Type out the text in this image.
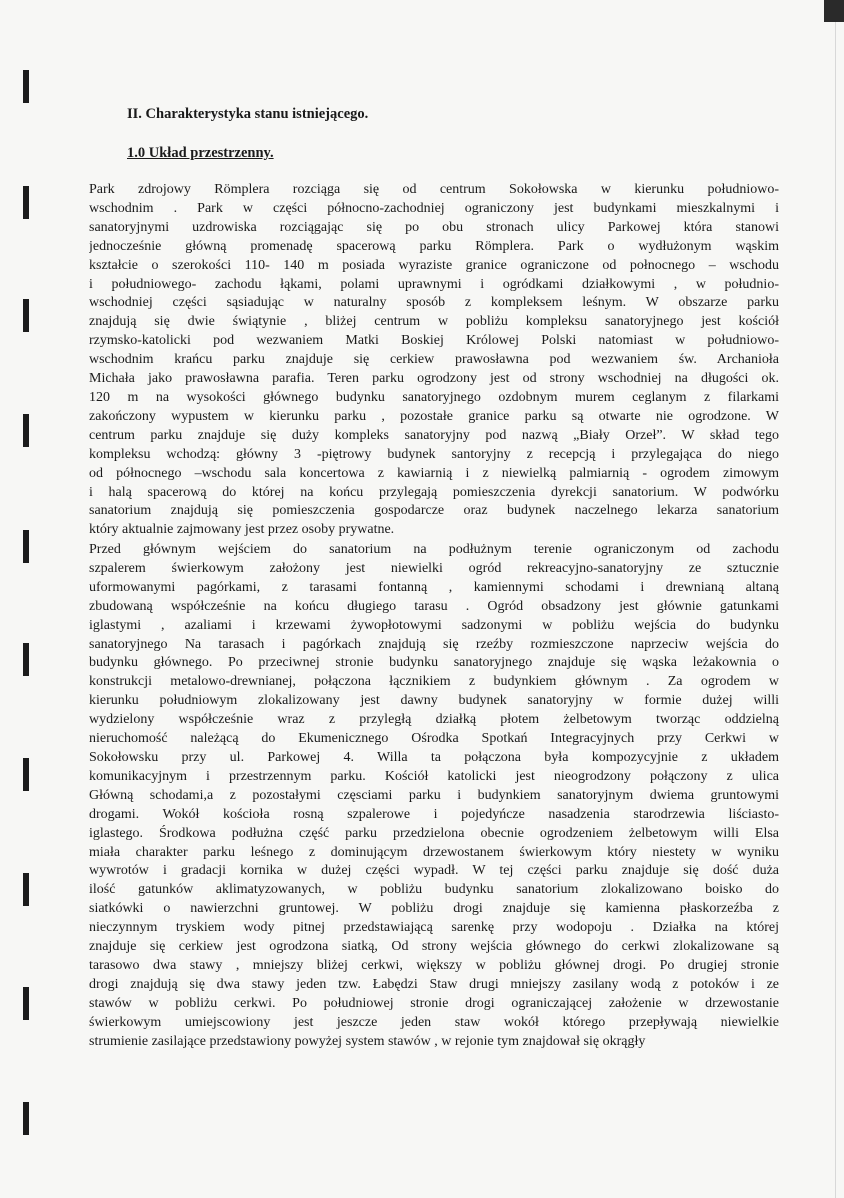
II. Charakterystyka stanu istniejącego.
1.0 Układ przestrzenny.
Park zdrojowy Römplera rozciąga się od centrum Sokołowska w kierunku południowo-
wschodnim . Park w części północno-zachodniej ograniczony jest budynkami mieszkalnymi i
sanatoryjnymi uzdrowiska rozciągając się po obu stronach ulicy Parkowej która stanowi
jednocześnie główną promenadę spacerową parku Römplera. Park o wydłużonym wąskim
kształcie o szerokości 110- 140 m posiada wyraziste granice ograniczone od połnocnego – wschodu
i południowego- zachodu łąkami, polami uprawnymi i ogródkami działkowymi , w południo-
wschodniej części sąsiadując w naturalny sposób z kompleksem leśnym. W obszarze parku
znajdują się dwie świątynie , bliżej centrum w pobliżu kompleksu sanatoryjnego jest kościół
rzymsko-katolicki pod wezwaniem Matki Boskiej Królowej Polski natomiast w południowo-
wschodnim krańcu parku znajduje się cerkiew prawosławna pod wezwaniem św. Archanioła
Michała jako prawosławna parafia. Teren parku ogrodzony jest od strony wschodniej na długości ok.
120 m na wysokości głównego budynku sanatoryjnego ozdobnym murem ceglanym z filarkami
zakończony wypustem w kierunku parku , pozostałe granice parku są otwarte nie ogrodzone. W
centrum parku znajduje się duży kompleks sanatoryjny pod nazwą „Biały Orzeł”. W skład tego
kompleksu wchodzą: główny 3 -piętrowy budynek santoryjny z recepcją i przylegająca do niego
od północnego –wschodu sala koncertowa z kawiarnią i z niewielką palmiarnią - ogrodem zimowym
i halą spacerową do której na końcu przylegają pomieszczenia dyrekcji sanatorium. W podwórku
sanatorium znajdują się pomieszczenia gospodarcze oraz budynek naczelnego lekarza sanatorium
który aktualnie zajmowany jest przez osoby prywatne.
Przed głównym wejściem do sanatorium na podłużnym terenie ograniczonym od zachodu
szpalerem świerkowym założony jest niewielki ogród rekreacyjno-sanatoryjny ze sztucznie
uformowanymi pagórkami, z tarasami fontanną , kamiennymi schodami i drewnianą altaną
zbudowaną współcześnie na końcu długiego tarasu . Ogród obsadzony jest głównie gatunkami
iglastymi , azaliami i krzewami żywopłotowymi sadzonymi w pobliżu wejścia do budynku
sanatoryjnego Na tarasach i pagórkach znajdują się rzeźby rozmieszczone naprzeciw wejścia do
budynku głównego. Po przeciwnej stronie budynku sanatoryjnego znajduje się wąska leżakownia o
konstrukcji metalowo-drewnianej, połączona łącznikiem z budynkiem głównym . Za ogrodem w
kierunku południowym zlokalizowany jest dawny budynek sanatoryjny w formie dużej willi
wydzielony współcześnie wraz z przyległą działką płotem żelbetowym tworząc oddzielną
nieruchomość należącą do Ekumenicznego Ośrodka Spotkań Integracyjnych przy Cerkwi w
Sokołowsku przy ul. Parkowej 4. Willa ta połączona była kompozycyjnie z układem
komunikacyjnym i przestrzennym parku. Kościół katolicki jest nieogrodzony połączony z ulica
Główną schodami,a z pozostałymi częsciami parku i budynkiem sanatoryjnym dwiema gruntowymi
drogami. Wokół kościoła rosną szpalerowe i pojedyńcze nasadzenia starodrzewia liściasto-
iglastego. Środkowa podłużna część parku przedzielona obecnie ogrodzeniem żelbetowym willi Elsa
miała charakter parku leśnego z dominującym drzewostanem świerkowym który niestety w wyniku
wywrotów i gradacji kornika w dużej części wypadł. W tej części parku znajduje się dość duża
ilość gatunków aklimatyzowanych, w pobliżu budynku sanatorium zlokalizowano boisko do
siatkówki o nawierzchni gruntowej. W pobliżu drogi znajduje się kamienna płaskorzeźba z
nieczynnym tryskiem wody pitnej przedstawiającą sarenkę przy wodopoju . Działka na której
znajduje się cerkiew jest ogrodzona siatką, Od strony wejścia głównego do cerkwi zlokalizowane są
tarasowo dwa stawy , mniejszy bliżej cerkwi, większy w pobliżu głównej drogi. Po drugiej stronie
drogi znajdują się dwa stawy jeden tzw. Łabędzi Staw drugi mniejszy zasilany wodą z potoków i ze
stawów w pobliżu cerkwi. Po południowej stronie drogi ograniczającej założenie w drzewostanie
świerkowym umiejscowiony jest jeszcze jeden staw wokół którego przepływają niewielkie
strumienie zasilające przedstawiony powyżej system stawów , w rejonie tym znajdował się okrągły
